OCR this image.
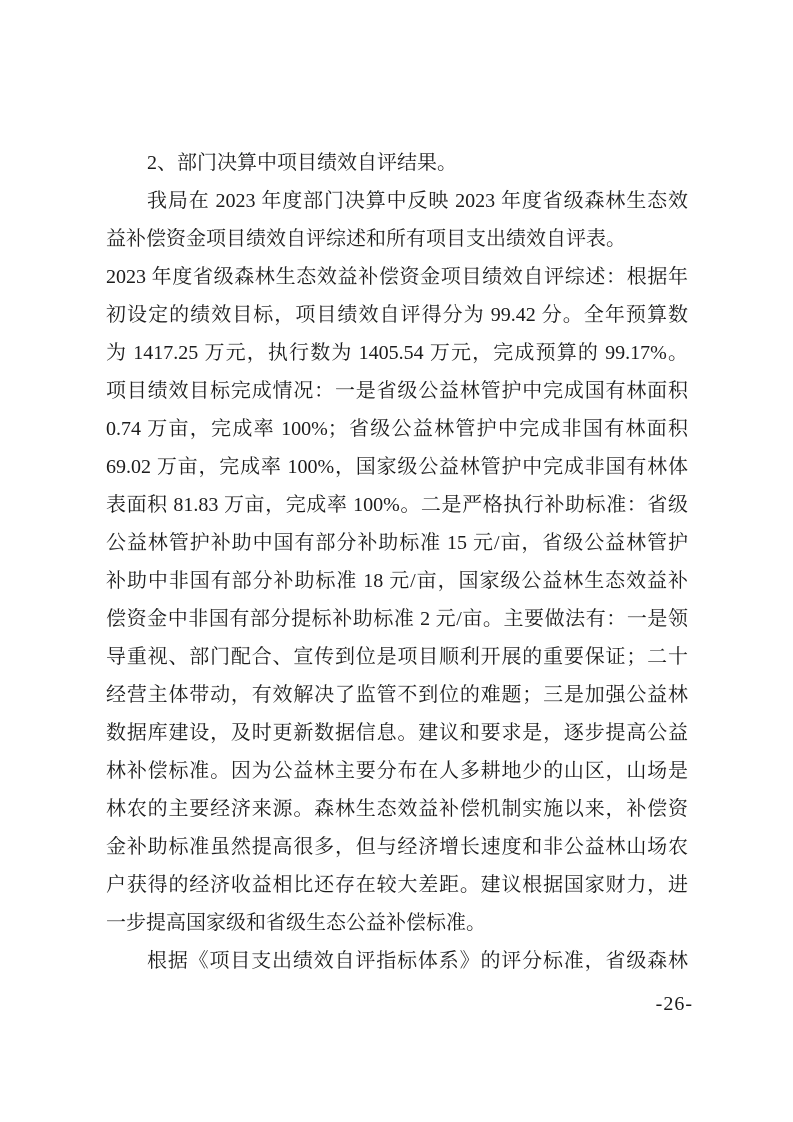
2、部门决算中项目绩效自评结果。
我局在 2023 年度部门决算中反映 2023 年度省级森林生态效
益补偿资金项目绩效自评综述和所有项目支出绩效自评表。
2023 年度省级森林生态效益补偿资金项目绩效自评综述：根据年
初设定的绩效目标，项目绩效自评得分为 99.42 分。全年预算数
为 1417.25 万元，执行数为 1405.54 万元，完成预算的 99.17%。
项目绩效目标完成情况：一是省级公益林管护中完成国有林面积
0.74 万亩，完成率 100%；省级公益林管护中完成非国有林面积
69.02 万亩，完成率 100%，国家级公益林管护中完成非国有林体
表面积 81.83 万亩，完成率 100%。二是严格执行补助标准：省级
公益林管护补助中国有部分补助标准 15 元/亩，省级公益林管护
补助中非国有部分补助标准 18 元/亩，国家级公益林生态效益补
偿资金中非国有部分提标补助标准 2 元/亩。主要做法有：一是领
导重视、部门配合、宣传到位是项目顺利开展的重要保证；二十
经营主体带动，有效解决了监管不到位的难题；三是加强公益林
数据库建设，及时更新数据信息。建议和要求是，逐步提高公益
林补偿标准。因为公益林主要分布在人多耕地少的山区，山场是
林农的主要经济来源。森林生态效益补偿机制实施以来，补偿资
金补助标准虽然提高很多，但与经济增长速度和非公益林山场农
户获得的经济收益相比还存在较大差距。建议根据国家财力，进
一步提高国家级和省级生态公益补偿标准。
根据《项目支出绩效自评指标体系》的评分标准，省级森林
-26-
